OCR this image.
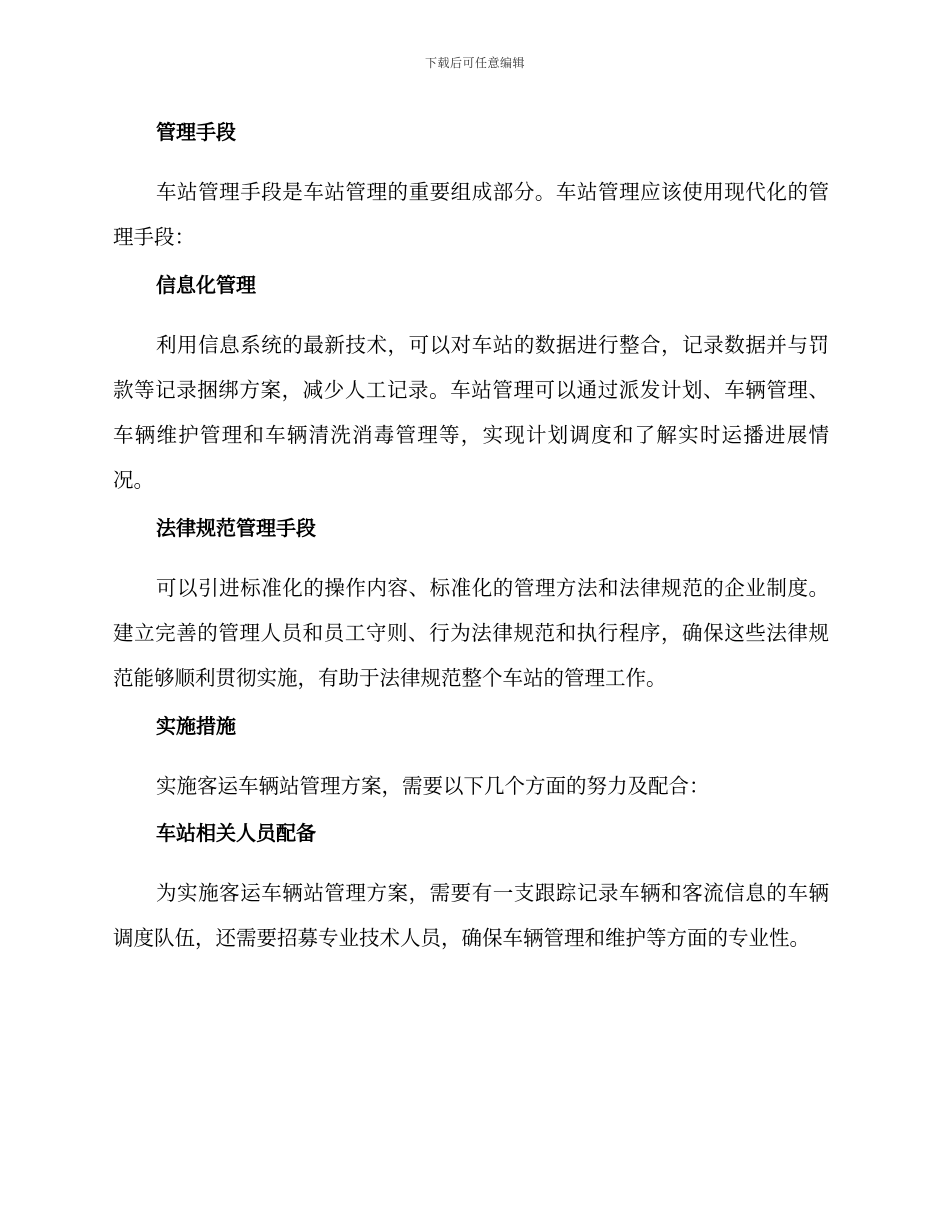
下载后可任意编辑
管理手段

车站管理手段是车站管理的重要组成部分。车站管理应该使用现代化的管理手段：

信息化管理

利用信息系统的最新技术，可以对车站的数据进行整合，记录数据并与罚款等记录捆绑方案，减少人工记录。车站管理可以通过派发计划、车辆管理、车辆维护管理和车辆清洗消毒管理等，实现计划调度和了解实时运播进展情况。

法律规范管理手段

可以引进标准化的操作内容、标准化的管理方法和法律规范的企业制度。建立完善的管理人员和员工守则、行为法律规范和执行程序，确保这些法律规范能够顺利贯彻实施，有助于法律规范整个车站的管理工作。

实施措施

实施客运车辆站管理方案，需要以下几个方面的努力及配合：

车站相关人员配备

为实施客运车辆站管理方案，需要有一支跟踪记录车辆和客流信息的车辆调度队伍，还需要招募专业技术人员，确保车辆管理和维护等方面的专业性。
